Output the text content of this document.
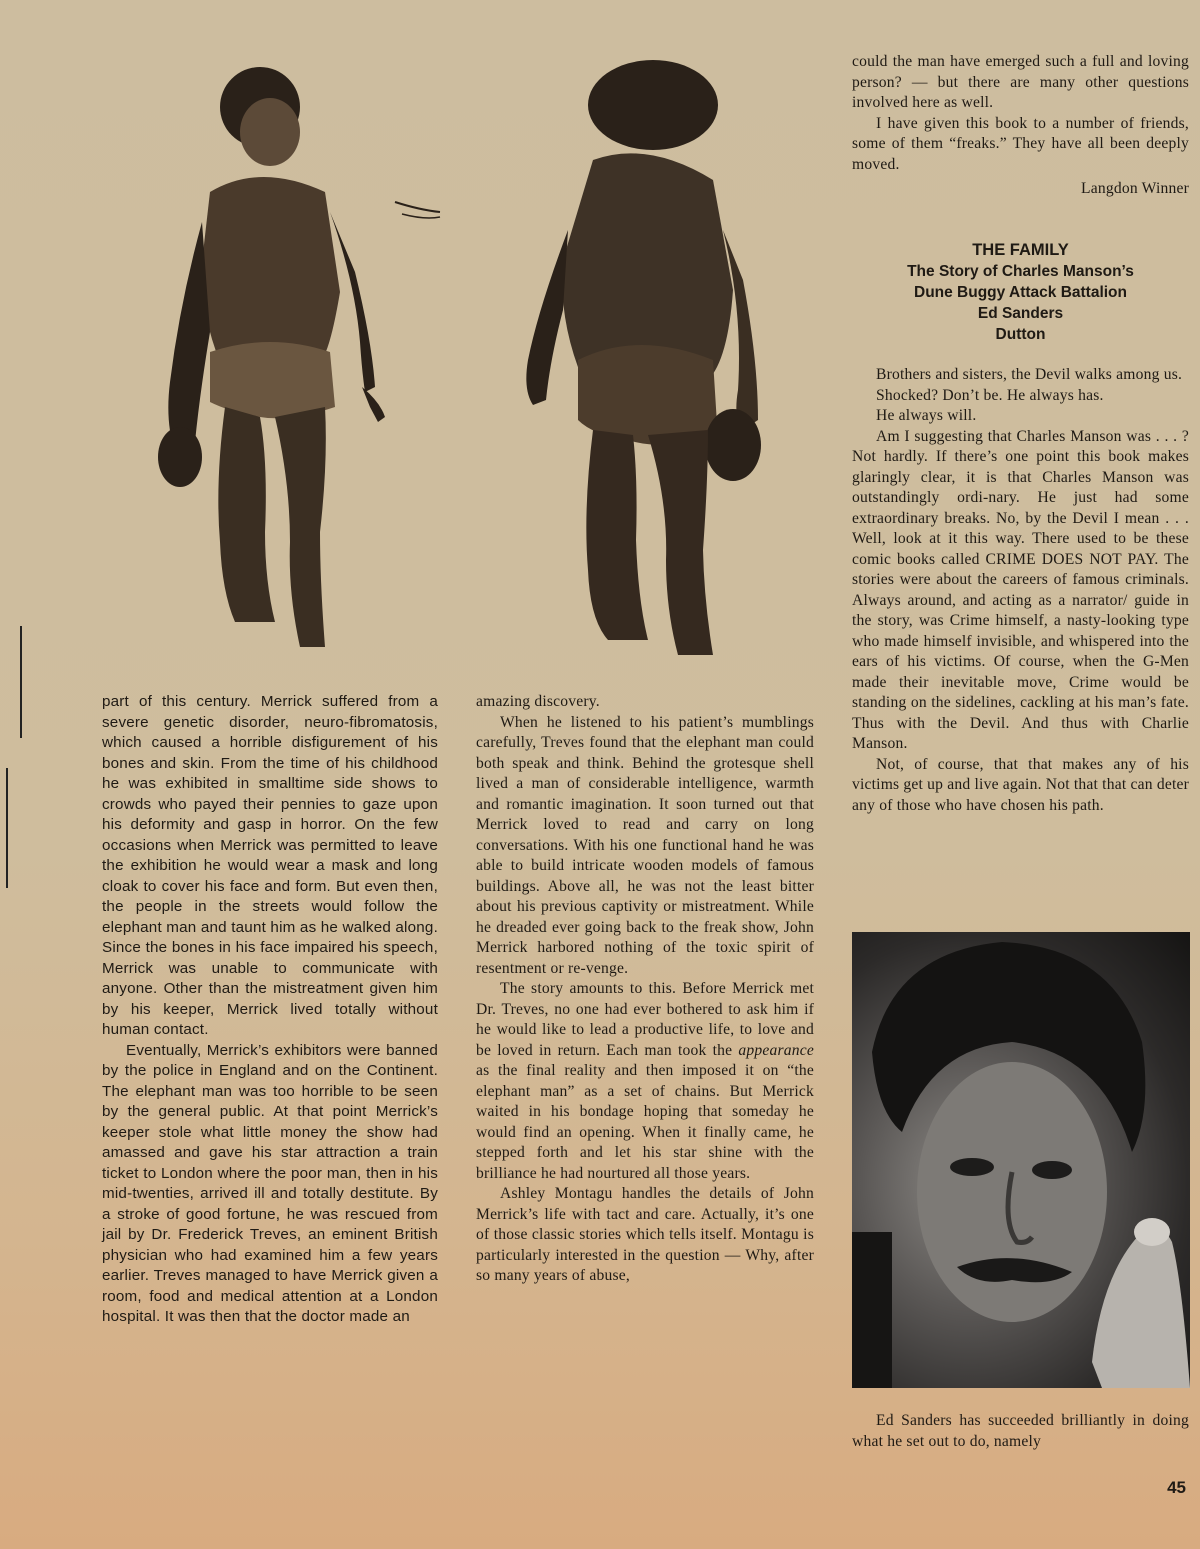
part of this century. Merrick suffered from a severe genetic disorder, neuro-fibromatosis, which caused a horrible disfigurement of his bones and skin. From the time of his childhood he was exhibited in smalltime side shows to crowds who payed their pennies to gaze upon his deformity and gasp in horror. On the few occasions when Merrick was permitted to leave the exhibition he would wear a mask and long cloak to cover his face and form. But even then, the people in the streets would follow the elephant man and taunt him as he walked along. Since the bones in his face impaired his speech, Merrick was unable to communicate with anyone. Other than the mistreatment given him by his keeper, Merrick lived totally without human contact.

Eventually, Merrick’s exhibitors were banned by the police in England and on the Continent. The elephant man was too horrible to be seen by the general public. At that point Merrick’s keeper stole what little money the show had amassed and gave his star attraction a train ticket to London where the poor man, then in his mid-twenties, arrived ill and totally destitute. By a stroke of good fortune, he was rescued from jail by Dr. Frederick Treves, an eminent British physician who had examined him a few years earlier. Treves managed to have Merrick given a room, food and medical attention at a London hospital. It was then that the doctor made an

amazing discovery.

When he listened to his patient’s mumblings carefully, Treves found that the elephant man could both speak and think. Behind the grotesque shell lived a man of considerable intelligence, warmth and romantic imagination. It soon turned out that Merrick loved to read and carry on long conversations. With his one functional hand he was able to build intricate wooden models of famous buildings. Above all, he was not the least bitter about his previous captivity or mistreatment. While he dreaded ever going back to the freak show, John Merrick harbored nothing of the toxic spirit of resentment or re-venge.

The story amounts to this. Before Merrick met Dr. Treves, no one had ever bothered to ask him if he would like to lead a productive life, to love and be loved in return. Each man took the appearance as the final reality and then imposed it on “the elephant man” as a set of chains. But Merrick waited in his bondage hoping that someday he would find an opening. When it finally came, he stepped forth and let his star shine with the brilliance he had nourtured all those years.

Ashley Montagu handles the details of John Merrick’s life with tact and care. Actually, it’s one of those classic stories which tells itself. Montagu is particularly interested in the question — Why, after so many years of abuse,

could the man have emerged such a full and loving person? — but there are many other questions involved here as well.

I have given this book to a number of friends, some of them “freaks.” They have all been deeply moved.

Langdon Winner
THE FAMILY
The Story of Charles Manson’s
Dune Buggy Attack Battalion
Ed Sanders
Dutton

Brothers and sisters, the Devil walks among us.

Shocked? Don’t be. He always has.

He always will.

Am I suggesting that Charles Manson was . . . ? Not hardly. If there’s one point this book makes glaringly clear, it is that Charles Manson was outstandingly ordi-nary. He just had some extraordinary breaks. No, by the Devil I mean . . . Well, look at it this way. There used to be these comic books called CRIME DOES NOT PAY. The stories were about the careers of famous criminals. Always around, and acting as a narrator/ guide in the story, was Crime himself, a nasty-looking type who made himself invisible, and whispered into the ears of his victims. Of course, when the G-Men made their inevitable move, Crime would be standing on the sidelines, cackling at his man’s fate. Thus with the Devil. And thus with Charlie Manson.

Not, of course, that that makes any of his victims get up and live again. Not that that can deter any of those who have chosen his path.

Ed Sanders has succeeded brilliantly in doing what he set out to do, namely

45
